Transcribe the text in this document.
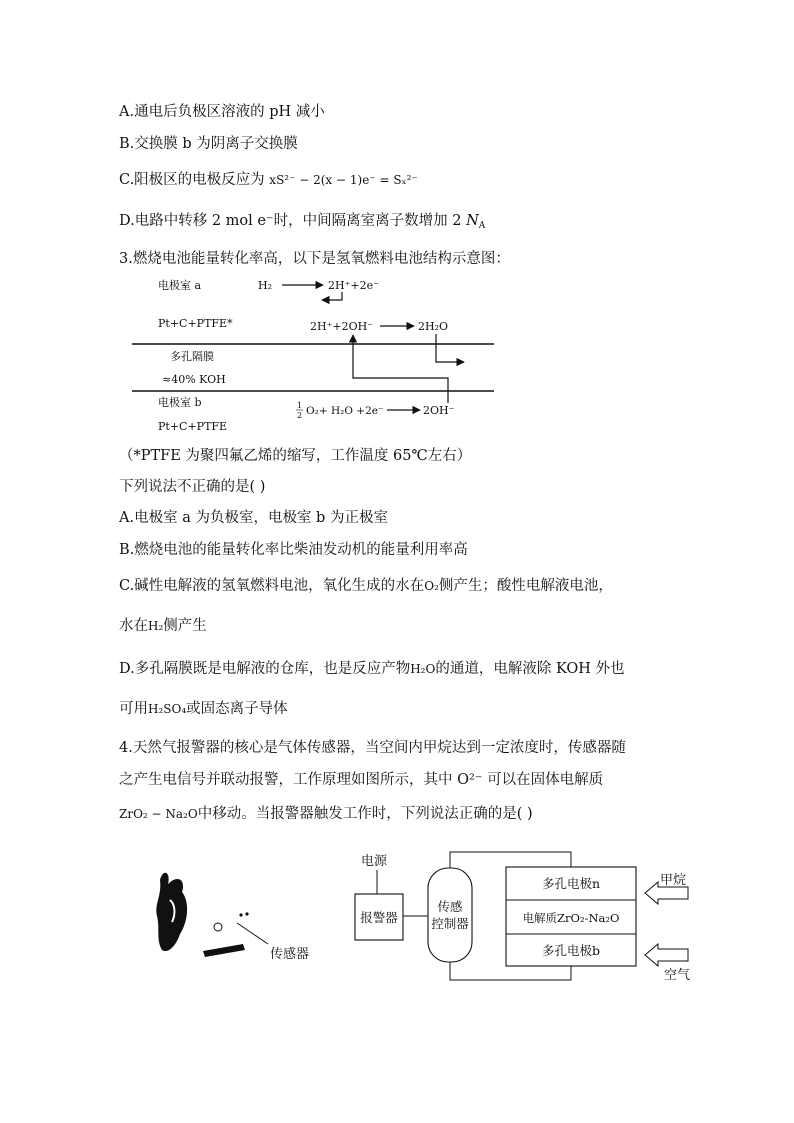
A.通电后负极区溶液的 pH 减小
B.交换膜 b 为阴离子交换膜
C.阳极区的电极反应为 xS²⁻ − 2(x − 1)e⁻ = Sₓ²⁻
D.电路中转移 2 mol e⁻时，中间隔离室离子数增加 2 $N_A$
3.燃烧电池能量转化率高，以下是氢氧燃料电池结构示意图：
电极室 a	H₂	2H⁺+2e⁻
Pt+C+PTFE*	2H⁺+2OH⁻	2H₂O
多孔隔膜
≈40% KOH
电极室 b	1
2 O₂+ H₂O +2e⁻	2OH⁻
Pt+C+PTFE
传感器
电源
报警器
传感
控制器
多孔电极n
电解质ZrO₂-Na₂O
多孔电极b
甲烷
空气
（*PTFE 为聚四氟乙烯的缩写，工作温度 65℃左右）
下列说法不正确的是( )
A.电极室 a 为负极室，电极室 b 为正极室
B.燃烧电池的能量转化率比柴油发动机的能量利用率高
C.碱性电解液的氢氧燃料电池，氧化生成的水在O₂侧产生；酸性电解液电池，
水在H₂侧产生
D.多孔隔膜既是电解液的仓库，也是反应产物H₂O的通道，电解液除 KOH 外也
可用H₂SO₄或固态离子导体
4.天然气报警器的核心是气体传感器，当空间内甲烷达到一定浓度时，传感器随
之产生电信号并联动报警，工作原理如图所示，其中 O²⁻ 可以在固体电解质
ZrO₂ − Na₂O中移动。当报警器触发工作时，下列说法正确的是( )
